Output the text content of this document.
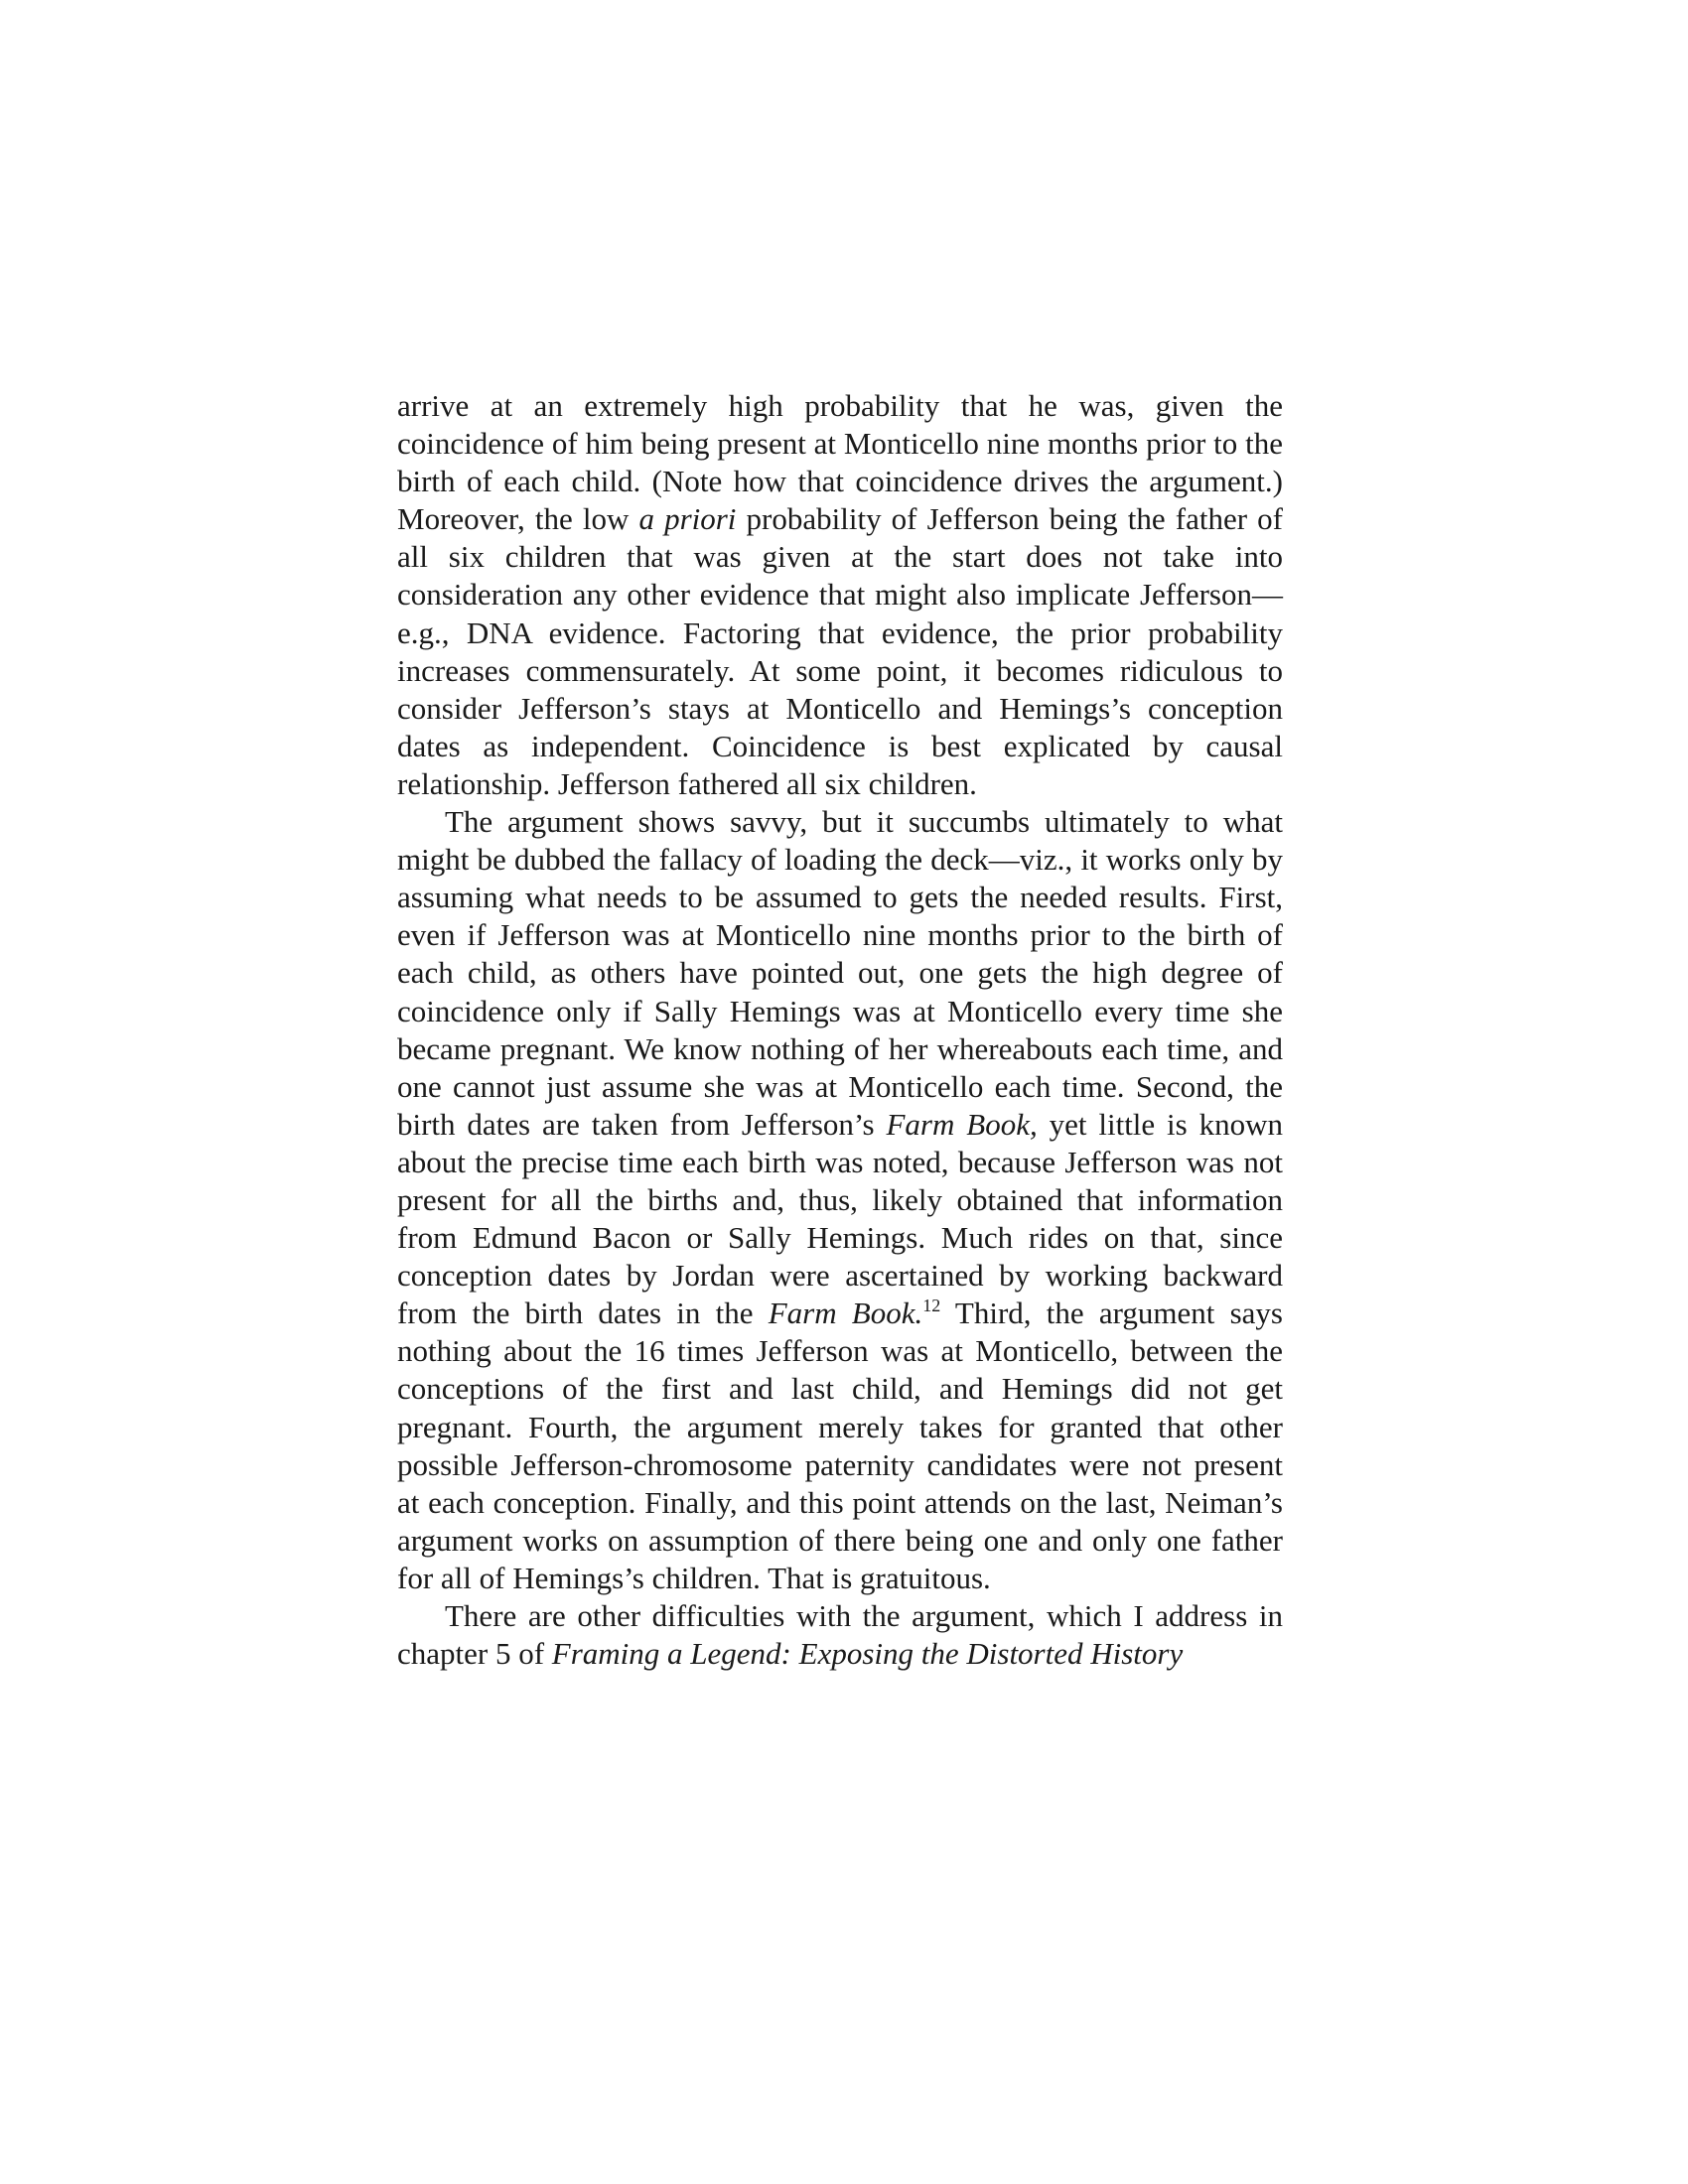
arrive at an extremely high probability that he was, given the coincidence of him being present at Monticello nine months prior to the birth of each child. (Note how that coincidence drives the argument.) Moreover, the low a priori probability of Jefferson being the father of all six children that was given at the start does not take into consideration any other evidence that might also implicate Jefferson—e.g., DNA evidence. Factoring that evidence, the prior probability increases commensurately. At some point, it becomes ridiculous to consider Jefferson’s stays at Monticello and Hemings’s conception dates as independent. Coincidence is best explicated by causal relationship. Jefferson fathered all six children.

The argument shows savvy, but it succumbs ultimately to what might be dubbed the fallacy of loading the deck—viz., it works only by assuming what needs to be assumed to gets the needed results. First, even if Jefferson was at Monticello nine months prior to the birth of each child, as others have pointed out, one gets the high degree of coincidence only if Sally Hemings was at Monticello every time she became pregnant. We know nothing of her whereabouts each time, and one cannot just assume she was at Monticello each time. Second, the birth dates are taken from Jefferson’s Farm Book, yet little is known about the precise time each birth was noted, because Jefferson was not present for all the births and, thus, likely obtained that information from Edmund Bacon or Sally Hemings. Much rides on that, since conception dates by Jordan were ascertained by working backward from the birth dates in the Farm Book.$^{12}$ Third, the argument says nothing about the 16 times Jefferson was at Monticello, between the conceptions of the first and last child, and Hemings did not get pregnant. Fourth, the argument merely takes for granted that other possible Jefferson-chromosome paternity candidates were not present at each conception. Finally, and this point attends on the last, Neiman’s argument works on assumption of there being one and only one father for all of Hemings’s children. That is gratuitous.

There are other difficulties with the argument, which I address in chapter 5 of Framing a Legend: Exposing the Distorted History
